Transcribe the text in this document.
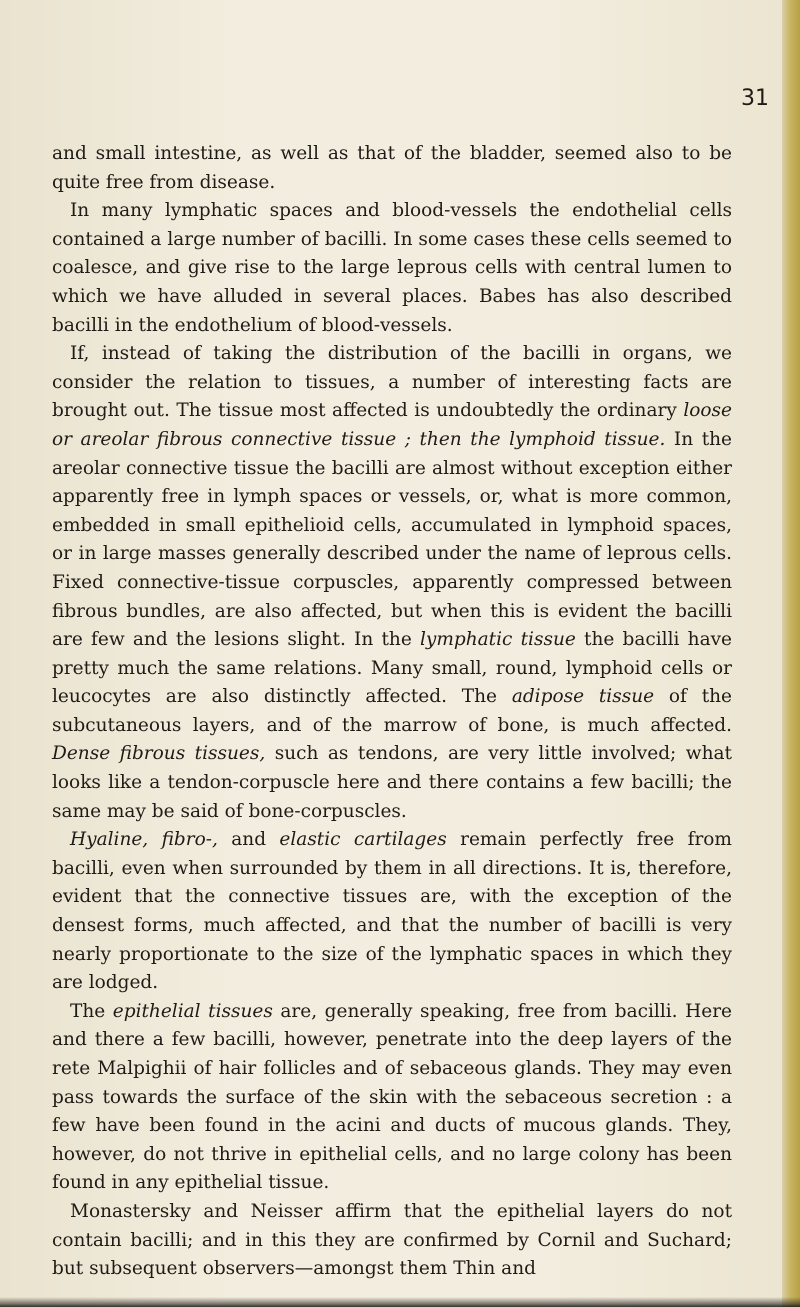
31

and small intestine, as well as that of the bladder, seemed also to be quite free from disease.

In many lymphatic spaces and blood-vessels the endothelial cells contained a large number of bacilli. In some cases these cells seemed to coalesce, and give rise to the large leprous cells with central lumen to which we have alluded in several places. Babes has also described bacilli in the endothelium of blood-vessels.

If, instead of taking the distribution of the bacilli in organs, we consider the relation to tissues, a number of interesting facts are brought out. The tissue most affected is undoubtedly the ordinary loose or areolar fibrous connective tissue ; then the lymphoid tissue. In the areolar connective tissue the bacilli are almost without exception either apparently free in lymph spaces or vessels, or, what is more common, embedded in small epithelioid cells, accumulated in lymphoid spaces, or in large masses generally described under the name of leprous cells. Fixed connective-tissue corpuscles, apparently compressed between fibrous bundles, are also affected, but when this is evident the bacilli are few and the lesions slight. In the lymphatic tissue the bacilli have pretty much the same relations. Many small, round, lymphoid cells or leucocytes are also distinctly affected. The adipose tissue of the subcutaneous layers, and of the marrow of bone, is much affected. Dense fibrous tissues, such as tendons, are very little involved; what looks like a tendon-corpuscle here and there contains a few bacilli; the same may be said of bone-corpuscles.

Hyaline, fibro-, and elastic cartilages remain perfectly free from bacilli, even when surrounded by them in all directions. It is, therefore, evident that the connective tissues are, with the exception of the densest forms, much affected, and that the number of bacilli is very nearly proportionate to the size of the lymphatic spaces in which they are lodged.

The epithelial tissues are, generally speaking, free from bacilli. Here and there a few bacilli, however, penetrate into the deep layers of the rete Malpighii of hair follicles and of sebaceous glands. They may even pass towards the surface of the skin with the sebaceous secretion : a few have been found in the acini and ducts of mucous glands. They, however, do not thrive in epithelial cells, and no large colony has been found in any epithelial tissue.

Monastersky and Neisser affirm that the epithelial layers do not contain bacilli; and in this they are confirmed by Cornil and Suchard; but subsequent observers—amongst them Thin and
